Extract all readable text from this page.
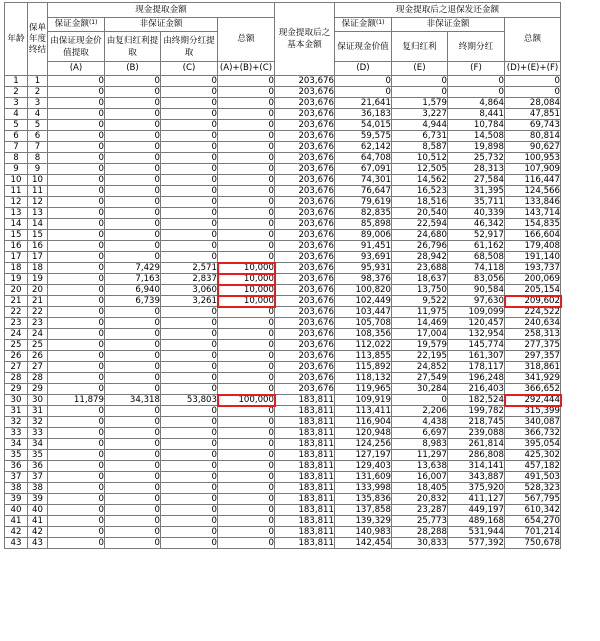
年龄	保单年度终结	现金提取金额				现金提取后之基本金额	现金提取后之退保发还金额			
		保证金额$^{(1)}$	非保证金额		总额		保证金额$^{(1)}$	非保证金额		总额
		由保证现金价值提取	由复归红利提取	由终期分红提取			保证现金价值	复归红利	终期分红	
		(A)	(B)	(C)	(A)+(B)+(C)		(D)	(E)	(F)	(D)+(E)+(F)
1	1	0	0	0	0	203,676	0	0	0	0
2	2	0	0	0	0	203,676	0	0	0	0
3	3	0	0	0	0	203,676	21,641	1,579	4,864	28,084
4	4	0	0	0	0	203,676	36,183	3,227	8,441	47,851
5	5	0	0	0	0	203,676	54,015	4,944	10,784	69,743
6	6	0	0	0	0	203,676	59,575	6,731	14,508	80,814
7	7	0	0	0	0	203,676	62,142	8,587	19,898	90,627
8	8	0	0	0	0	203,676	64,708	10,512	25,732	100,953
9	9	0	0	0	0	203,676	67,091	12,505	28,313	107,909
10	10	0	0	0	0	203,676	74,301	14,562	27,584	116,447
11	11	0	0	0	0	203,676	76,647	16,523	31,395	124,566
12	12	0	0	0	0	203,676	79,619	18,516	35,711	133,846
13	13	0	0	0	0	203,676	82,835	20,540	40,339	143,714
14	14	0	0	0	0	203,676	85,898	22,594	46,342	154,835
15	15	0	0	0	0	203,676	89,006	24,680	52,917	166,604
16	16	0	0	0	0	203,676	91,451	26,796	61,162	179,408
17	17	0	0	0	0	203,676	93,691	28,942	68,508	191,140
18	18	0	7,429	2,571	10,000	203,676	95,931	23,688	74,118	193,737
19	19	0	7,163	2,837	10,000	203,676	98,376	18,637	83,056	200,069
20	20	0	6,940	3,060	10,000	203,676	100,820	13,750	90,584	205,154
21	21	0	6,739	3,261	10,000	203,676	102,449	9,522	97,630	209,602
22	22	0	0	0	0	203,676	103,447	11,975	109,099	224,522
23	23	0	0	0	0	203,676	105,708	14,469	120,457	240,634
24	24	0	0	0	0	203,676	108,356	17,004	132,954	258,313
25	25	0	0	0	0	203,676	112,022	19,579	145,774	277,375
26	26	0	0	0	0	203,676	113,855	22,195	161,307	297,357
27	27	0	0	0	0	203,676	115,892	24,852	178,117	318,861
28	28	0	0	0	0	203,676	118,132	27,549	196,248	341,929
29	29	0	0	0	0	203,676	119,965	30,284	216,403	366,652
30	30	11,879	34,318	53,803	100,000	183,811	109,919	0	182,524	292,444
31	31	0	0	0	0	183,811	113,411	2,206	199,782	315,399
32	32	0	0	0	0	183,811	116,904	4,438	218,745	340,087
33	33	0	0	0	0	183,811	120,948	6,697	239,088	366,732
34	34	0	0	0	0	183,811	124,256	8,983	261,814	395,054
35	35	0	0	0	0	183,811	127,197	11,297	286,808	425,302
36	36	0	0	0	0	183,811	129,403	13,638	314,141	457,182
37	37	0	0	0	0	183,811	131,609	16,007	343,887	491,503
38	38	0	0	0	0	183,811	133,998	18,405	375,920	528,323
39	39	0	0	0	0	183,811	135,836	20,832	411,127	567,795
40	40	0	0	0	0	183,811	137,858	23,287	449,197	610,342
41	41	0	0	0	0	183,811	139,329	25,773	489,168	654,270
42	42	0	0	0	0	183,811	140,983	28,288	531,944	701,214
43	43	0	0	0	0	183,811	142,454	30,833	577,392	750,678
